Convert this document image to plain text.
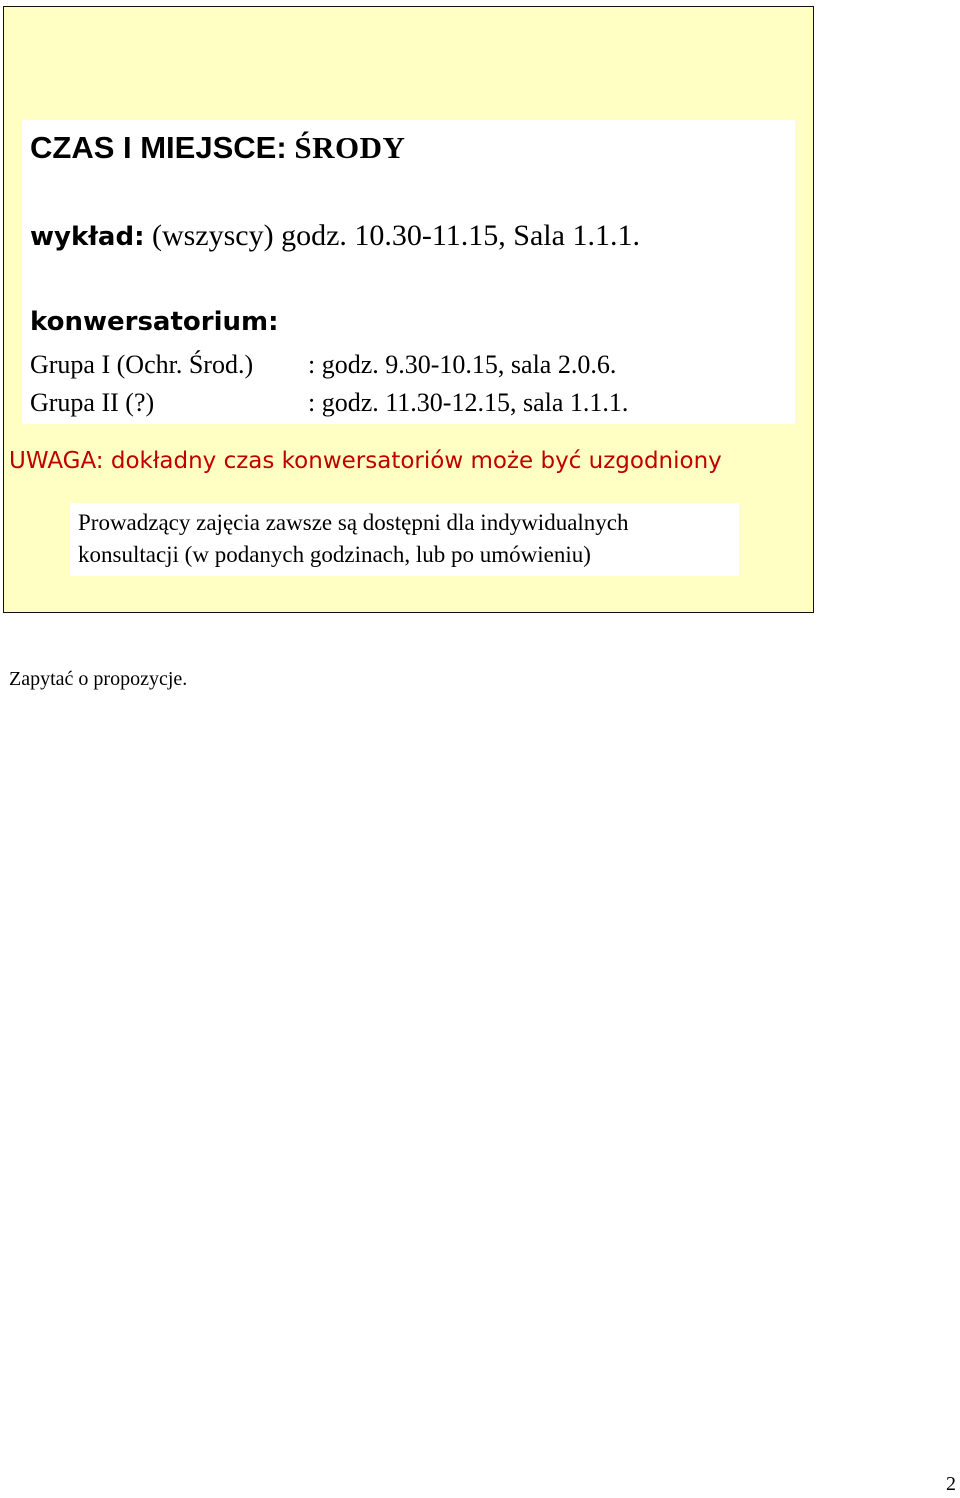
CZAS I MIEJSCE: ŚRODY
wykład: (wszyscy) godz. 10.30-11.15, Sala 1.1.1.
konwersatorium:
Grupa I (Ochr. Środ.) : godz. 9.30-10.15, sala 2.0.6.
Grupa II (?)	: godz. 11.30-12.15, sala 1.1.1.
UWAGA: dokładny czas konwersatoriów może być uzgodniony
Prowadzący zajęcia zawsze są dostępni dla indywidualnych
konsultacji (w podanych godzinach, lub po umówieniu)
Zapytać o propozycje.
2
